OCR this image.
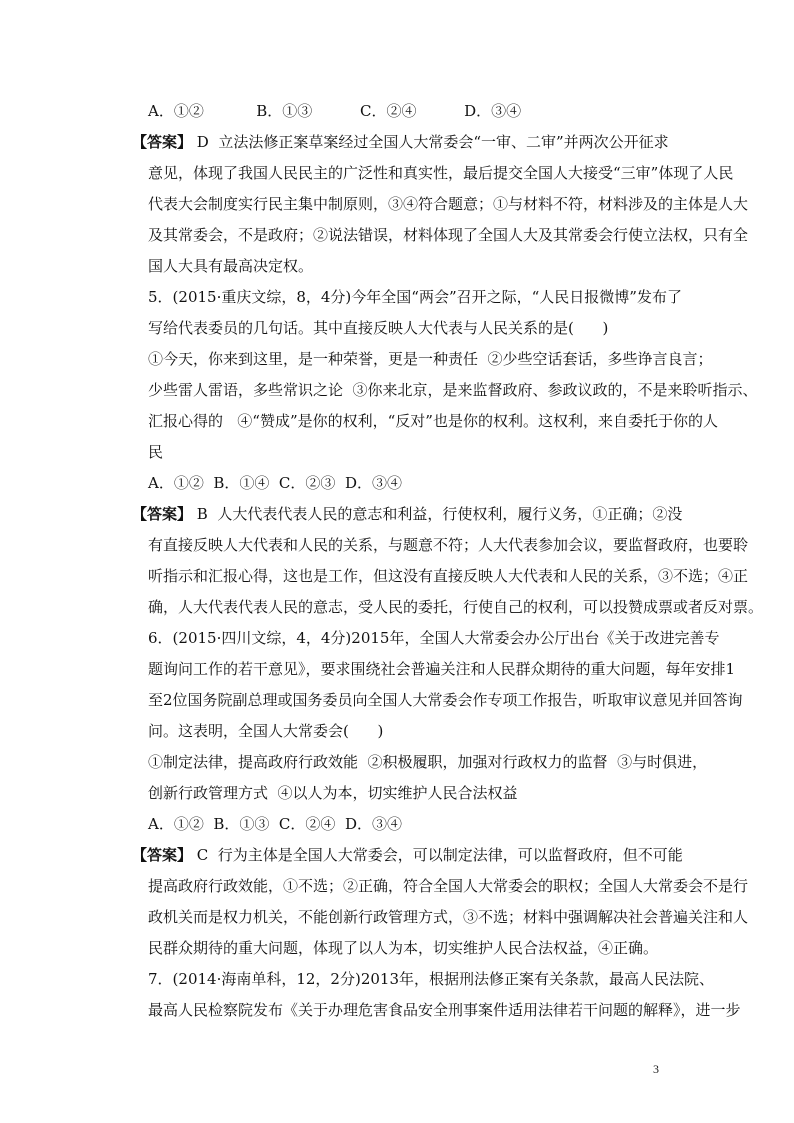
A．①②           B．①③          C．②④          D．③④
【答案】 D  立法法修正案草案经过全国人大常委会“一审、二审”并两次公开征求
意见，体现了我国人民民主的广泛性和真实性，最后提交全国人大接受“三审”体现了人民
代表大会制度实行民主集中制原则，③④符合题意；①与材料不符，材料涉及的主体是人大
及其常委会，不是政府；②说法错误，材料体现了全国人大及其常委会行使立法权，只有全
国人大具有最高决定权。
5．(2015·重庆文综，8，4分)今年全国“两会”召开之际，“人民日报微博”发布了
写给代表委员的几句话。其中直接反映人大代表与人民关系的是(      )
①今天，你来到这里，是一种荣誉，更是一种责任  ②少些空话套话，多些诤言良言；
少些雷人雷语，多些常识之论  ③你来北京，是来监督政府、参政议政的，不是来聆听指示、
汇报心得的   ④“赞成”是你的权利，“反对”也是你的权利。这权利，来自委托于你的人
民
A．①②  B．①④  C．②③  D．③④
【答案】 B  人大代表代表人民的意志和利益，行使权利，履行义务，①正确；②没
有直接反映人大代表和人民的关系，与题意不符；人大代表参加会议，要监督政府，也要聆
听指示和汇报心得，这也是工作，但这没有直接反映人大代表和人民的关系，③不选；④正
确，人大代表代表人民的意志，受人民的委托，行使自己的权利，可以投赞成票或者反对票。
6．(2015·四川文综，4，4分)2015年，全国人大常委会办公厅出台《关于改进完善专
题询问工作的若干意见》，要求围绕社会普遍关注和人民群众期待的重大问题，每年安排1
至2位国务院副总理或国务委员向全国人大常委会作专项工作报告，听取审议意见并回答询
问。这表明，全国人大常委会(      )
①制定法律，提高政府行政效能  ②积极履职，加强对行政权力的监督  ③与时俱进，
创新行政管理方式  ④以人为本，切实维护人民合法权益
A．①②  B．①③  C．②④  D．③④
【答案】 C  行为主体是全国人大常委会，可以制定法律，可以监督政府，但不可能
提高政府行政效能，①不选；②正确，符合全国人大常委会的职权；全国人大常委会不是行
政机关而是权力机关，不能创新行政管理方式，③不选；材料中强调解决社会普遍关注和人
民群众期待的重大问题，体现了以人为本，切实维护人民合法权益，④正确。
7．(2014·海南单科，12，2分)2013年，根据刑法修正案有关条款，最高人民法院、
最高人民检察院发布《关于办理危害食品安全刑事案件适用法律若干问题的解释》，进一步
3
